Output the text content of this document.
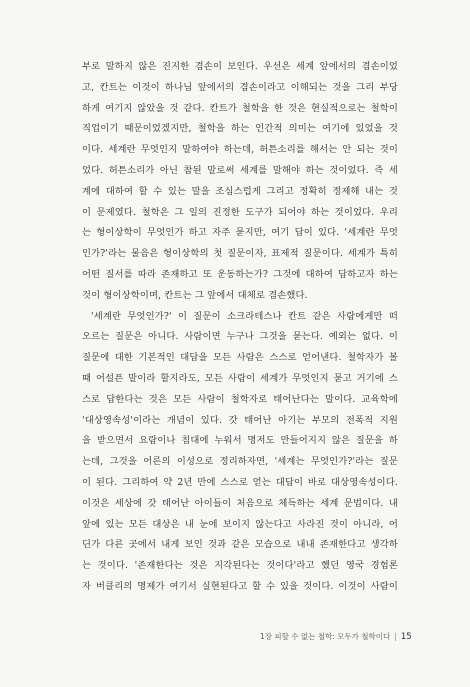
부로 말하지 않은 진지한 겸손이 보인다. 우선은 세계 앞에서의 겸손이었
고, 칸트는 이것이 하나님 앞에서의 겸손이라고 이해되는 것을 그리 부당
하게 여기지 않았을 것 같다. 칸트가 철학을 한 것은 현실적으로는 철학이
직업이기 때문이었겠지만, 철학을 하는 인간적 의미는 여기에 있었을 것
이다. 세계란 무엇인지 말하여야 하는데, 허튼소리를 해서는 안 되는 것이
었다. 허튼소리가 아닌 참된 말로써 세계를 말해야 하는 것이었다. 즉 세
계에 대하여 할 수 있는 말을 조심스럽게 그리고 정확히 정제해 내는 것
이 문제였다. 철학은 그 일의 진정한 도구가 되어야 하는 것이었다. 우리
는 형이상학이 무엇인가 하고 자주 묻지만, 여기 답이 있다. '세계란 무엇
인가?'라는 물음은 형이상학의 첫 질문이자, 표제적 질문이다. 세계가 특히
어떤 질서를 따라 존재하고 또 운동하는가? 그것에 대하여 답하고자 하는
것이 형이상학이며, 칸트는 그 앞에서 대체로 겸손했다.
'세계란 무엇인가?' 이 질문이 소크라테스나 칸트 같은 사람에게만 떠
오르는 질문은 아니다. 사람이면 누구나 그것을 묻는다. 예외는 없다. 이
질문에 대한 기본적인 대답을 모든 사람은 스스로 얻어낸다. 철학자가 볼
때 어설픈 말이라 할지라도, 모든 사람이 세계가 무엇인지 묻고 거기에 스
스로 답한다는 것은 모든 사람이 철학자로 태어난다는 말이다. 교육학에
'대상영속성'이라는 개념이 있다. 갓 태어난 아기는 부모의 전폭적 지원
을 받으면서 요람이나 침대에 누워서 명저도 만들어지지 않은 질문을 하
는데, 그것을 어른의 이성으로 정리하자면, '세계는 무엇인가?'라는 질문
이 된다. 그리하여 약 2년 만에 스스로 얻는 대답이 바로 대상영속성이다.
이것은 세상에 갓 태어난 아이들이 처음으로 체득하는 세계 문법이다. 내
앞에 있는 모든 대상은 내 눈에 보이지 않는다고 사라진 것이 아니라, 어
딘가 다른 곳에서 내게 보인 것과 같은 모습으로 내내 존재한다고 생각하
는 것이다. '존재한다는 것은 지각된다는 것이다'라고 했던 영국 경험론
자 버클리의 명제가 여기서 실현된다고 할 수 있을 것이다. 이것이 사람이
1장 피할 수 없는 철학: 모두가 철학이다 | 15
